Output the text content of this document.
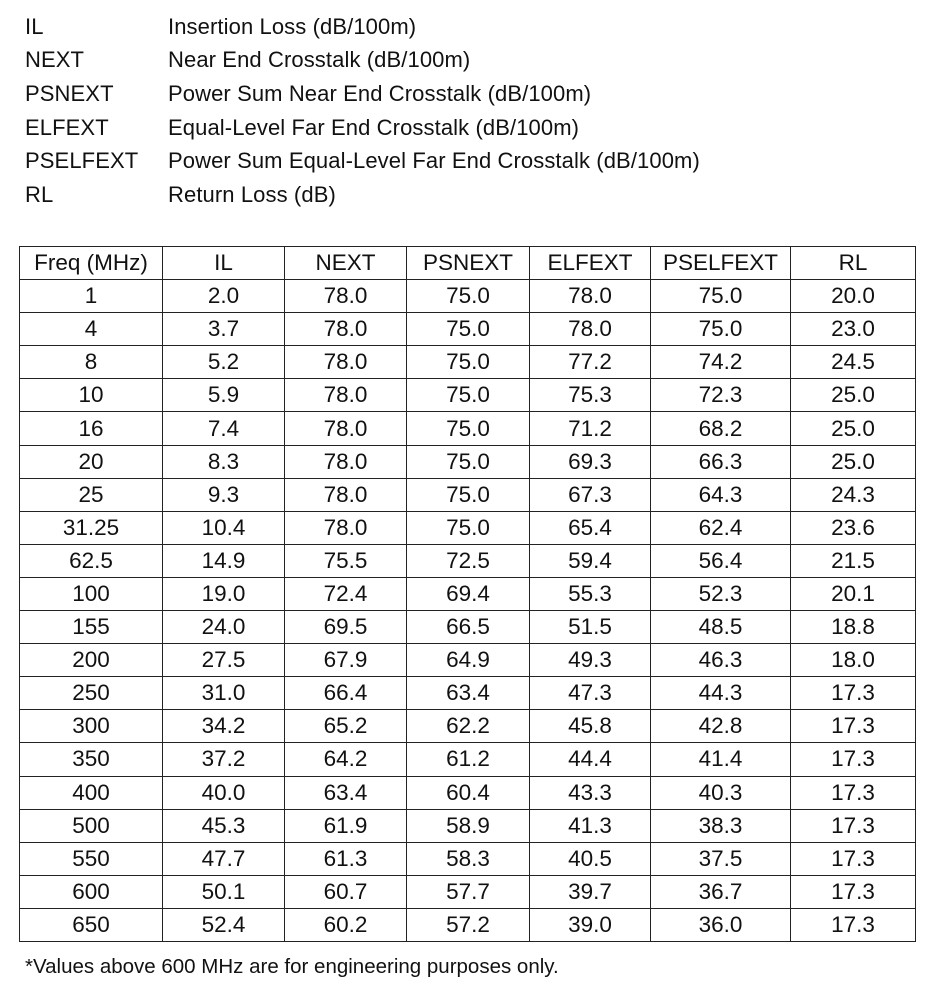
IL	Insertion Loss (dB/100m)
NEXT	Near End Crosstalk (dB/100m)
PSNEXT	Power Sum Near End Crosstalk (dB/100m)
ELFEXT	Equal-Level Far End Crosstalk (dB/100m)
PSELFEXT	Power Sum Equal-Level Far End Crosstalk (dB/100m)
RL	Return Loss (dB)
Freq (MHz)	IL	NEXT	PSNEXT	ELFEXT	PSELFEXT	RL
1	2.0	78.0	75.0	78.0	75.0	20.0
4	3.7	78.0	75.0	78.0	75.0	23.0
8	5.2	78.0	75.0	77.2	74.2	24.5
10	5.9	78.0	75.0	75.3	72.3	25.0
16	7.4	78.0	75.0	71.2	68.2	25.0
20	8.3	78.0	75.0	69.3	66.3	25.0
25	9.3	78.0	75.0	67.3	64.3	24.3
31.25	10.4	78.0	75.0	65.4	62.4	23.6
62.5	14.9	75.5	72.5	59.4	56.4	21.5
100	19.0	72.4	69.4	55.3	52.3	20.1
155	24.0	69.5	66.5	51.5	48.5	18.8
200	27.5	67.9	64.9	49.3	46.3	18.0
250	31.0	66.4	63.4	47.3	44.3	17.3
300	34.2	65.2	62.2	45.8	42.8	17.3
350	37.2	64.2	61.2	44.4	41.4	17.3
400	40.0	63.4	60.4	43.3	40.3	17.3
500	45.3	61.9	58.9	41.3	38.3	17.3
550	47.7	61.3	58.3	40.5	37.5	17.3
600	50.1	60.7	57.7	39.7	36.7	17.3
650	52.4	60.2	57.2	39.0	36.0	17.3
*Values above 600 MHz are for engineering purposes only.
